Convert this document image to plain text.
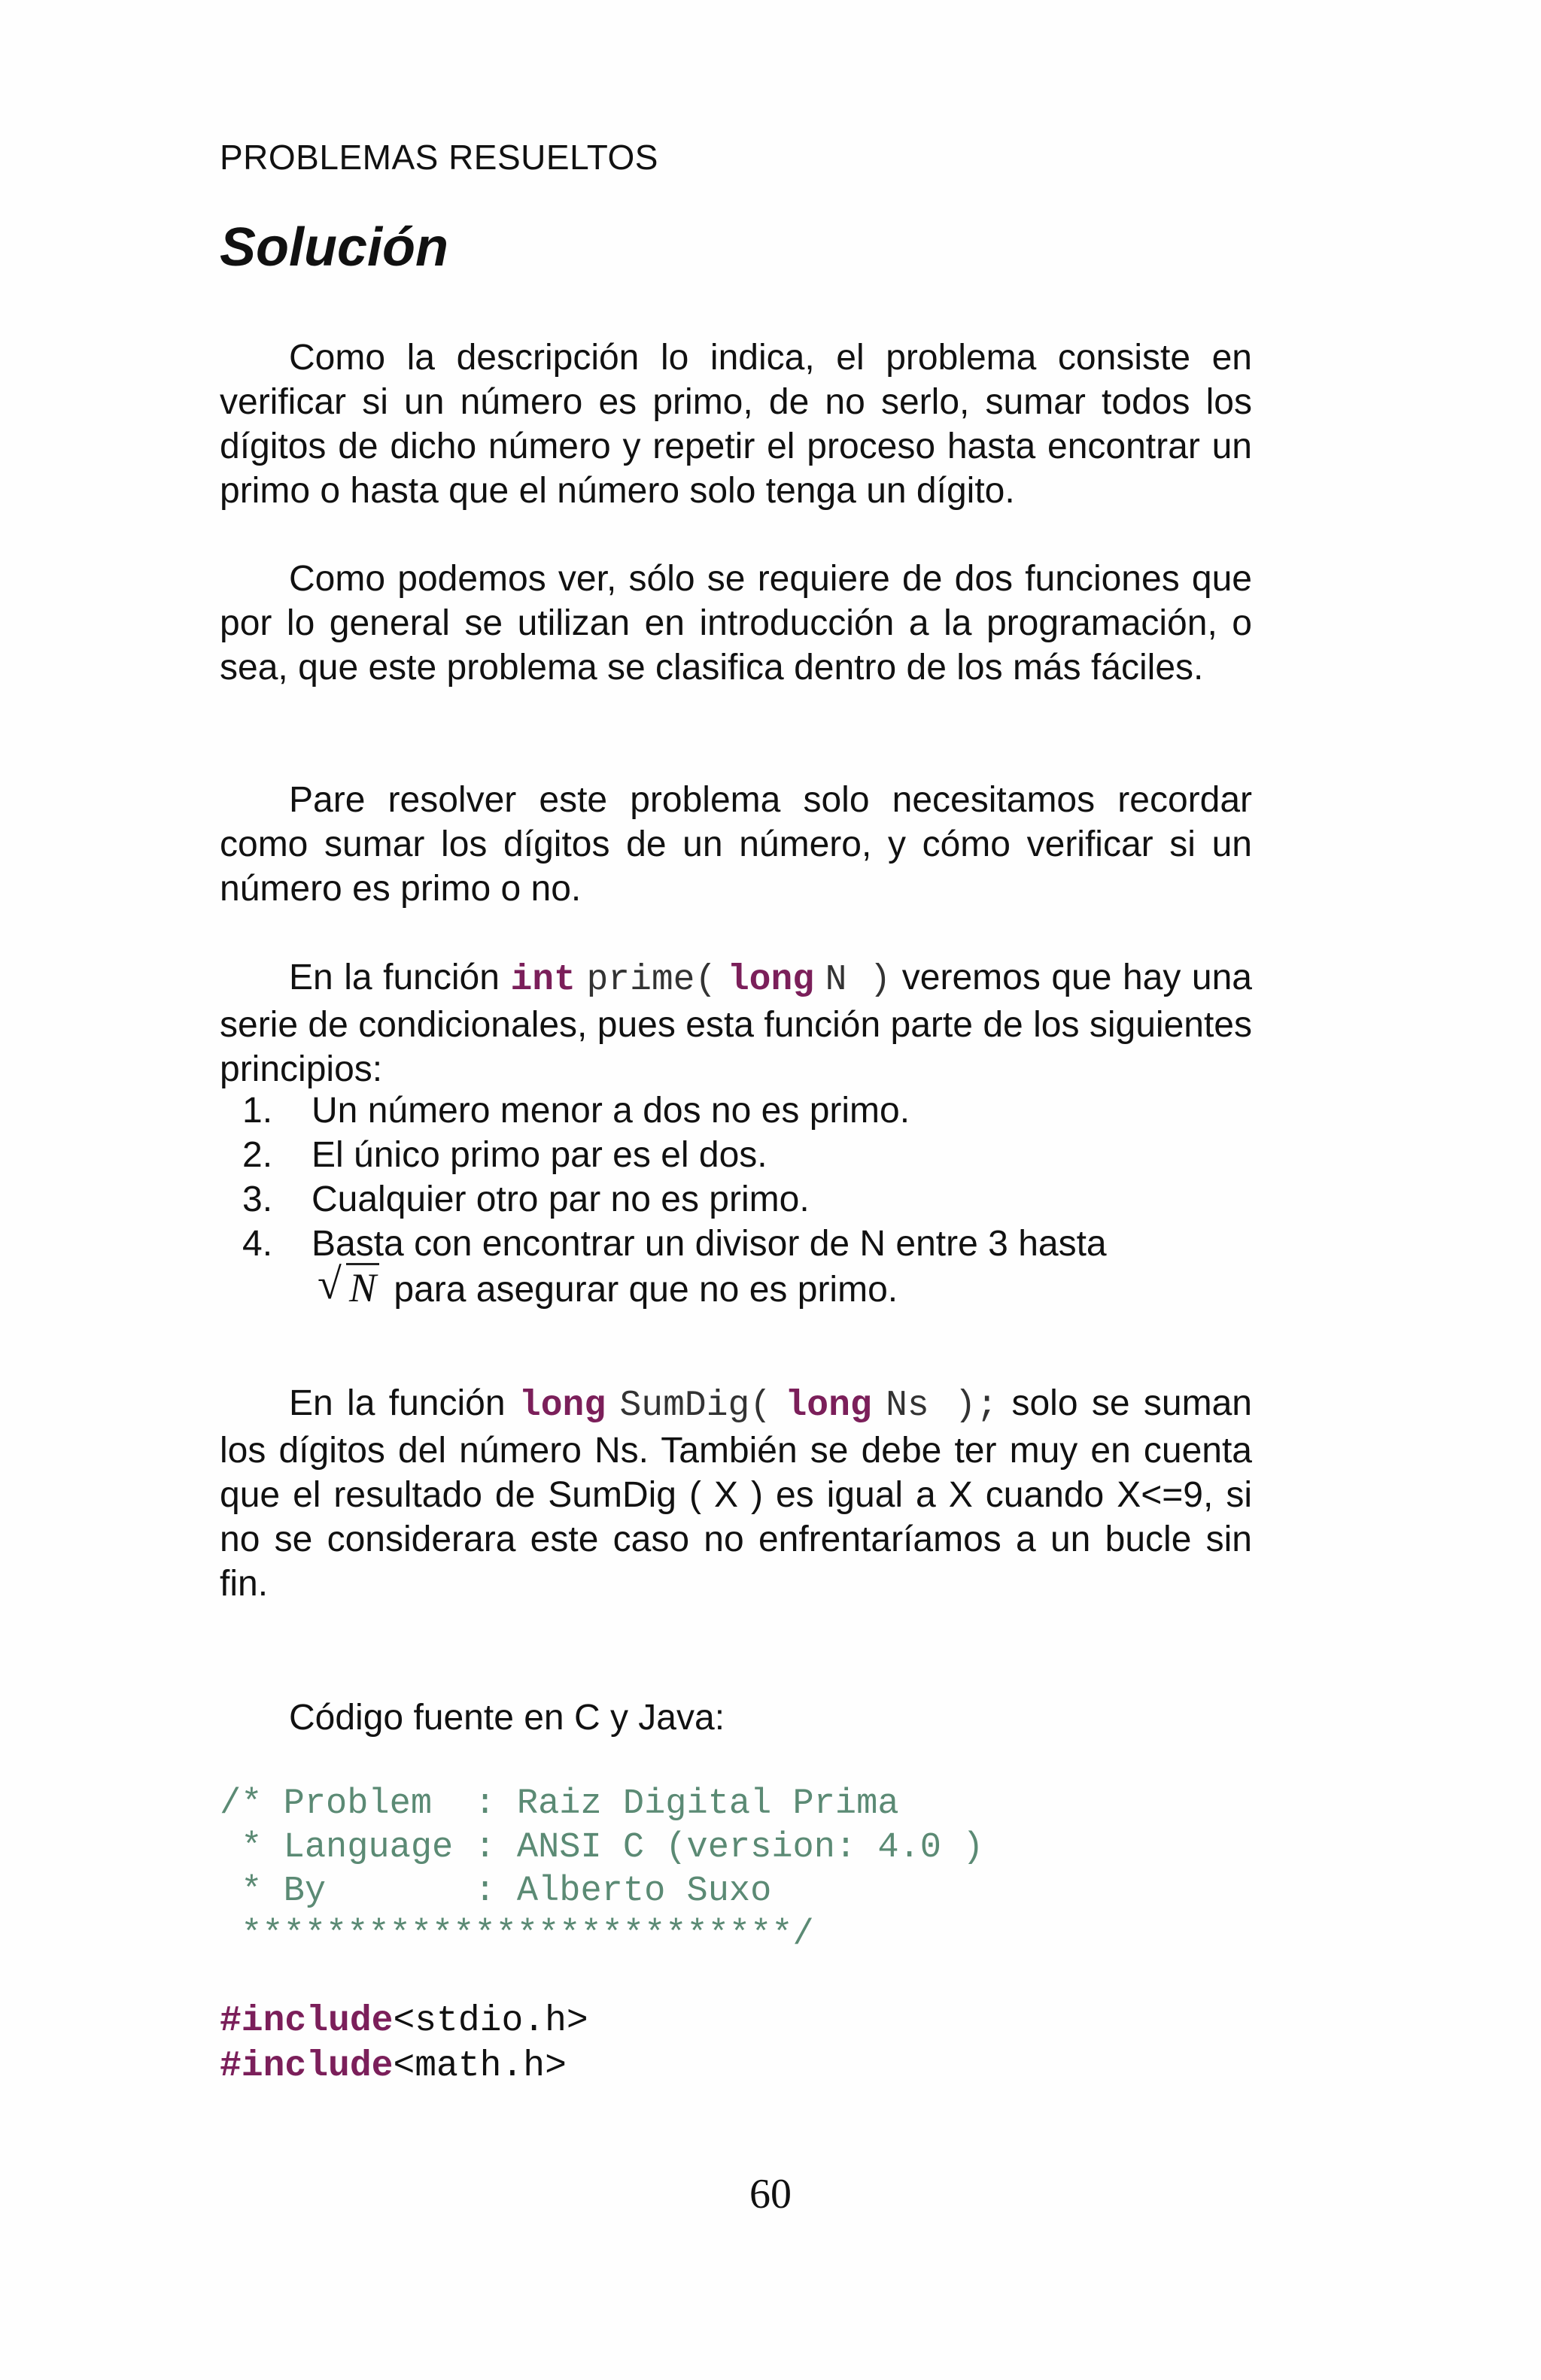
PROBLEMAS RESUELTOS
Solución

Como la descripción lo indica, el problema consiste en verificar si un número es primo, de no serlo, sumar todos los dígitos de dicho número y repetir el proceso hasta encontrar un primo o hasta que el número solo tenga un dígito.

Como podemos ver, sólo se requiere de dos funciones que por lo general se utilizan en introducción a la programación, o sea, que este problema se clasifica dentro de los más fáciles.

Pare resolver este problema solo necesitamos recordar como sumar los dígitos de un número, y cómo verificar si un número es primo o no.

En la función int prime( long N ) veremos que hay una serie de condicionales, pues esta función parte de los siguientes principios:

1. Un número menor a dos no es primo.
2. El único primo par es el dos.
3. Cualquier otro par no es primo.
4. Basta con encontrar un divisor de N entre 3 hasta

√ N para asegurar que no es primo.

En la función long SumDig( long Ns ); solo se suman los dígitos del número Ns. También se debe ter muy en cuenta que el resultado de SumDig ( X ) es igual a X cuando X<=9, si no se considerara este caso no enfrentaríamos a un bucle sin fin.

Código fuente en C y Java:

/* Problem  : Raiz Digital Prima
* Language : ANSI C (version: 4.0 )
* By       : Alberto Suxo
**************************/
#include<stdio.h>
#include<math.h>
60
